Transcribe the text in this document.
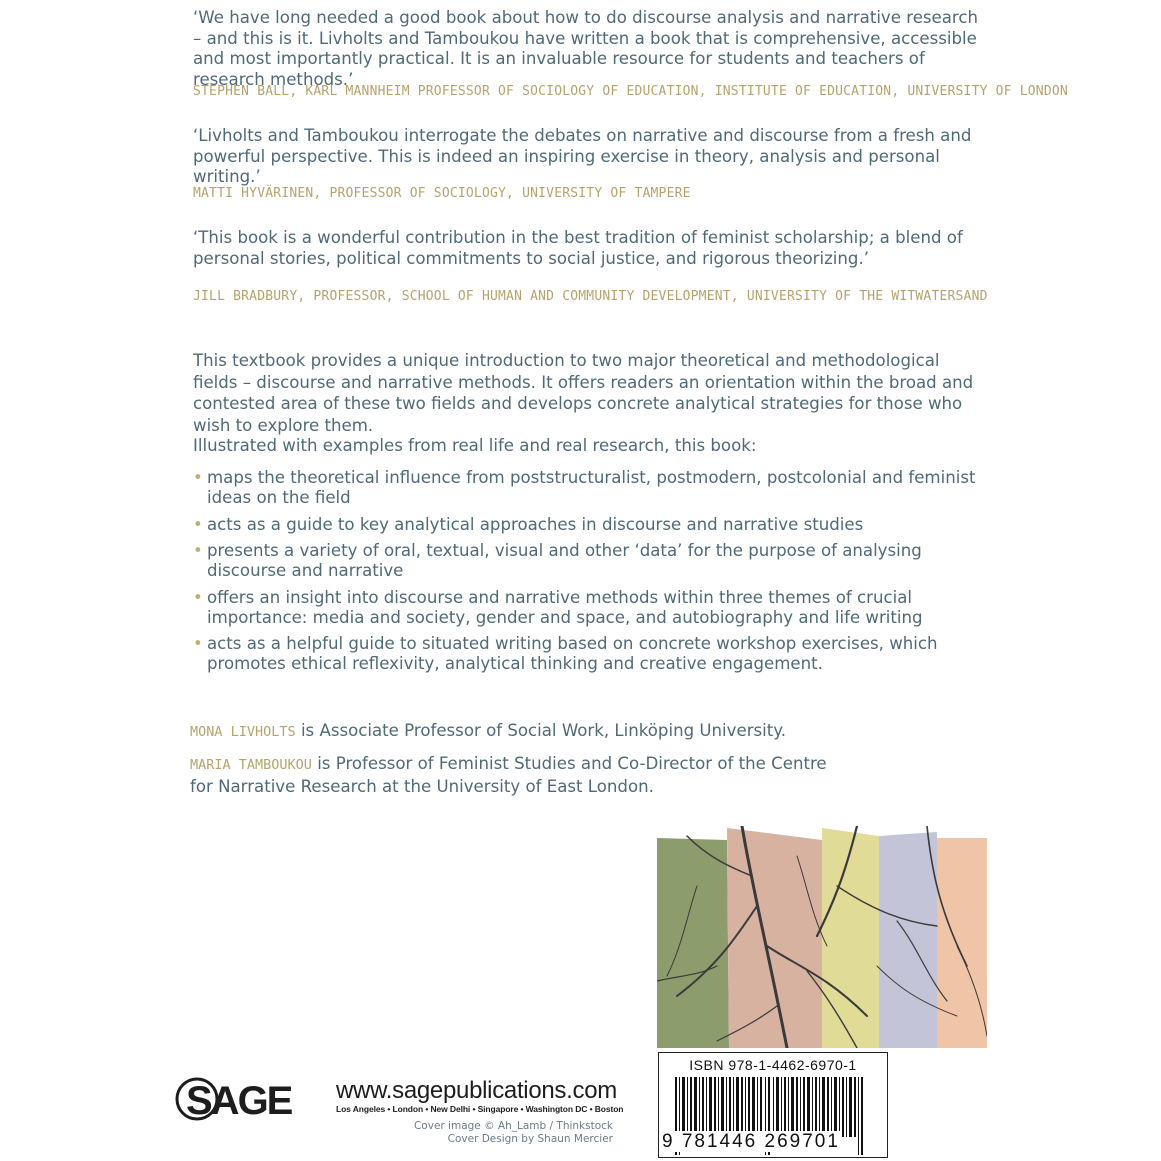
‘We have long needed a good book about how to do discourse analysis and narrative research – and this is it. Livholts and Tamboukou have written a book that is comprehensive, accessible and most importantly practical. It is an invaluable resource for students and teachers of research methods.’

STEPHEN BALL, KARL MANNHEIM PROFESSOR OF SOCIOLOGY OF EDUCATION, INSTITUTE OF EDUCATION, UNIVERSITY OF LONDON

‘Livholts and Tamboukou interrogate the debates on narrative and discourse from a fresh and powerful perspective. This is indeed an inspiring exercise in theory, analysis and personal writing.’

MATTI HYVÄRINEN, PROFESSOR OF SOCIOLOGY, UNIVERSITY OF TAMPERE

‘This book is a wonderful contribution in the best tradition of feminist scholarship; a blend of personal stories, political commitments to social justice, and rigorous theorizing.’

JILL BRADBURY, PROFESSOR, SCHOOL OF HUMAN AND COMMUNITY DEVELOPMENT, UNIVERSITY OF THE WITWATERSAND

This textbook provides a unique introduction to two major theoretical and methodological fields – discourse and narrative methods. It offers readers an orientation within the broad and contested area of these two fields and develops concrete analytical strategies for those who wish to explore them.

Illustrated with examples from real life and real research, this book:

• maps the theoretical influence from poststructuralist, postmodern, postcolonial and feminist ideas on the field
• acts as a guide to key analytical approaches in discourse and narrative studies
• presents a variety of oral, textual, visual and other ‘data’ for the purpose of analysing discourse and narrative
• offers an insight into discourse and narrative methods within three themes of crucial importance: media and society, gender and space, and autobiography and life writing
• acts as a helpful guide to situated writing based on concrete workshop exercises, which promotes ethical reflexivity, analytical thinking and creative engagement.
MONA LIVHOLTS is Associate Professor of Social Work, Linköping University.
MARIA TAMBOUKOU is Professor of Feminist Studies and Co-Director of the Centre for Narrative Research at the University of East London.
ISBN 978-1-4462-6970-1
9 781446 269701
SAGE www.sagepublications.com
Los Angeles • London • New Delhi • Singapore • Washington DC • Boston
Cover image © Ah_Lamb / Thinkstock
Cover Design by Shaun Mercier
